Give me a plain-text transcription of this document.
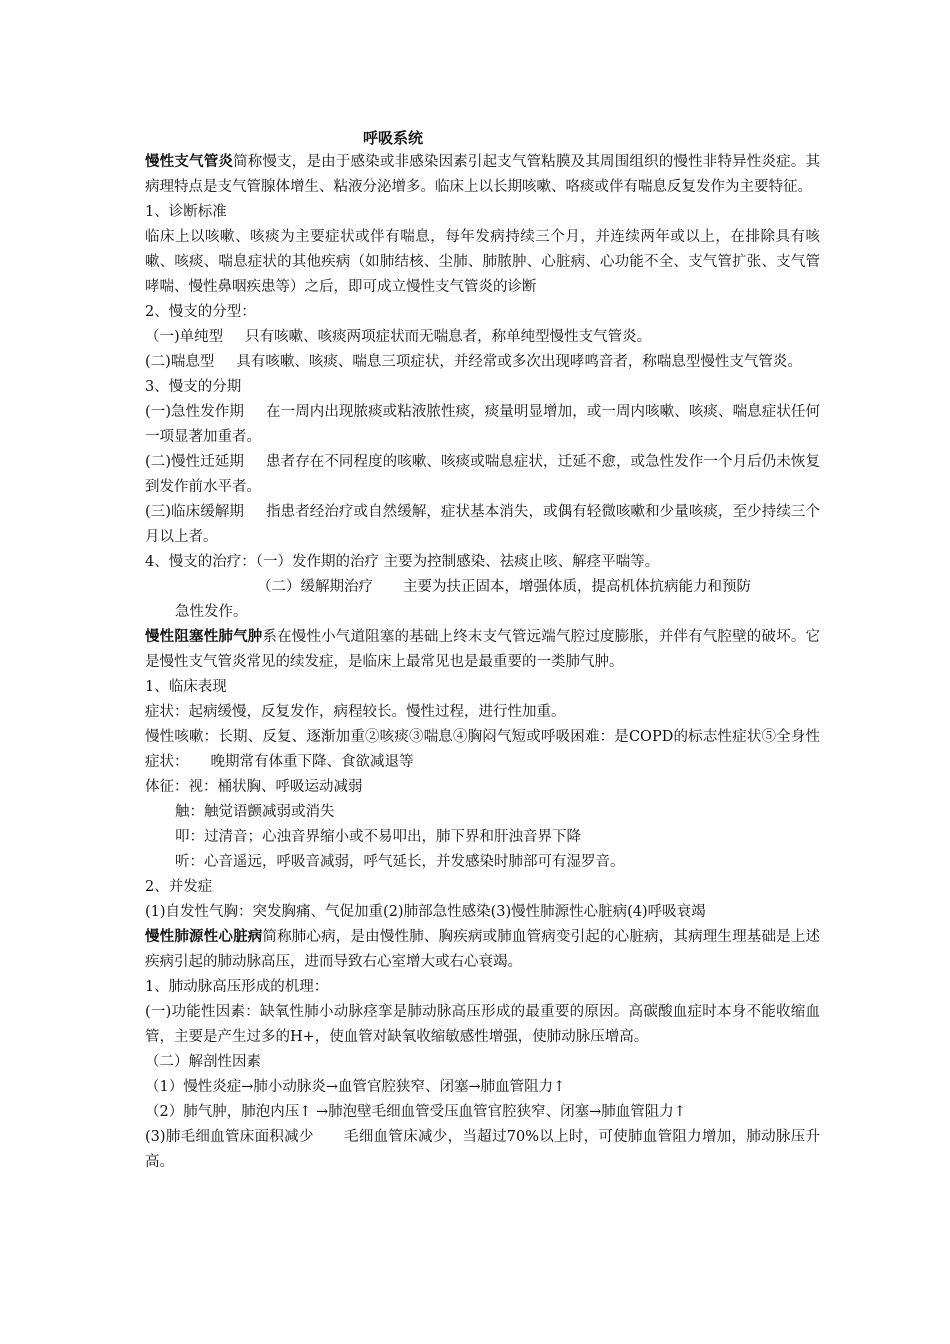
呼吸系统

慢性支气管炎简称慢支，是由于感染或非感染因素引起支气管粘膜及其周围组织的慢性非特异性炎症。其病理特点是支气管腺体增生、粘液分泌增多。临床上以长期咳嗽、咯痰或伴有喘息反复发作为主要特征。

1、诊断标准

临床上以咳嗽、咳痰为主要症状或伴有喘息，每年发病持续三个月，并连续两年或以上，在排除具有咳嗽、咳痰、喘息症状的其他疾病（如肺结核、尘肺、肺脓肿、心脏病、心功能不全、支气管扩张、支气管哮喘、慢性鼻咽疾患等）之后，即可成立慢性支气管炎的诊断

2、慢支的分型：

（一)单纯型 只有咳嗽、咳痰两项症状而无喘息者，称单纯型慢性支气管炎。

(二)喘息型 具有咳嗽、咳痰、喘息三项症状，并经常或多次出现哮鸣音者，称喘息型慢性支气管炎。

3、慢支的分期

(一)急性发作期 在一周内出现脓痰或粘液脓性痰，痰量明显增加，或一周内咳嗽、咳痰、喘息症状任何一项显著加重者。

(二)慢性迁延期 患者存在不同程度的咳嗽、咳痰或喘息症状，迁延不愈，或急性发作一个月后仍未恢复到发作前水平者。

(三)临床缓解期 指患者经治疗或自然缓解，症状基本消失，或偶有轻微咳嗽和少量咳痰，至少持续三个月以上者。

4、慢支的治疗：（一）发作期的治疗 主要为控制感染、祛痰止咳、解痉平喘等。

（二）缓解期治疗 主要为扶正固本，增强体质，提高机体抗病能力和预防

急性发作。

慢性阻塞性肺气肿系在慢性小气道阻塞的基础上终末支气管远端气腔过度膨胀，并伴有气腔壁的破坏。它是慢性支气管炎常见的续发症，是临床上最常见也是最重要的一类肺气肿。

1、临床表现

症状：起病缓慢，反复发作，病程较长。慢性过程，进行性加重。

慢性咳嗽：长期、反复、逐渐加重②咳痰③喘息④胸闷气短或呼吸困难：是COPD的标志性症状⑤全身性症状： 晚期常有体重下降、食欲减退等

体征：视：桶状胸、呼吸运动减弱

触：触觉语颤减弱或消失

叩：过清音；心浊音界缩小或不易叩出，肺下界和肝浊音界下降

听：心音遥远，呼吸音减弱，呼气延长，并发感染时肺部可有湿罗音。

2、并发症

(1)自发性气胸：突发胸痛、气促加重(2)肺部急性感染(3)慢性肺源性心脏病(4)呼吸衰竭

慢性肺源性心脏病简称肺心病，是由慢性肺、胸疾病或肺血管病变引起的心脏病，其病理生理基础是上述疾病引起的肺动脉高压，进而导致右心室增大或右心衰竭。

1、肺动脉高压形成的机理：

(一)功能性因素：缺氧性肺小动脉痉挛是肺动脉高压形成的最重要的原因。高碳酸血症时本身不能收缩血管，主要是产生过多的H+，使血管对缺氧收缩敏感性增强，使肺动脉压增高。

（二）解剖性因素

（1）慢性炎症→肺小动脉炎→血管官腔狭窄、闭塞→肺血管阻力↑

（2）肺气肿，肺泡内压↑ →肺泡壁毛细血管受压血管官腔狭窄、闭塞→肺血管阻力↑

(3)肺毛细血管床面积减少 毛细血管床减少，当超过70%以上时，可使肺血管阻力增加，肺动脉压升高。
